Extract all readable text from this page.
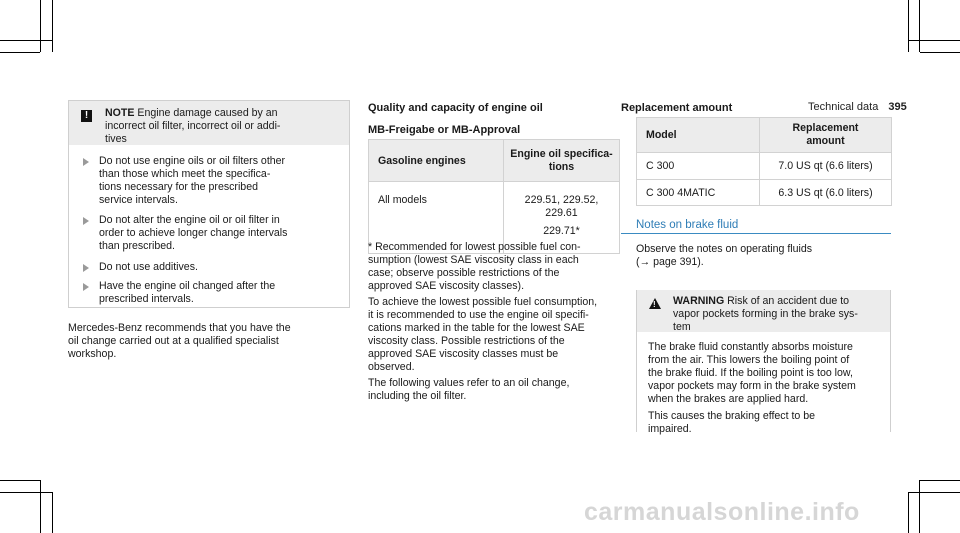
Technical data 395
!	NOTE Engine damage caused by an
incorrect oil filter, incorrect oil or addi-
tives

Do not use engine oils or oil filters other

than those which meet the specifica-

tions necessary for the prescribed

service intervals.

Do not alter the engine oil or oil filter in

order to achieve longer change intervals

than prescribed.

Do not use additives.

Have the engine oil changed after the

prescribed intervals.

Mercedes-Benz recommends that you have the

oil change carried out at a qualified specialist

workshop.

Quality and capacity of engine oil
MB-Freigabe or MB-Approval
Gasoline engines	Engine oil specifica-
tions

All models	229.51, 229.52,
229.61
229.71*

* Recommended for lowest possible fuel con-

sumption (lowest SAE viscosity class in each

case; observe possible restrictions of the

approved SAE viscosity classes).

To achieve the lowest possible fuel consumption,

it is recommended to use the engine oil specifi-

cations marked in the table for the lowest SAE

viscosity class. Possible restrictions of the

approved SAE viscosity classes must be

observed.

The following values refer to an oil change,

including the oil filter.

Replacement amount
Model	Replacement
amount

C 300	7.0 US qt (6.6 liters)
C 300 4MATIC	6.3 US qt (6.0 liters)
Notes on brake fluid

Observe the notes on operating fluids

(→ page 391).

! WARNING Risk of an accident due to
vapor pockets forming in the brake sys-
tem

The brake fluid constantly absorbs moisture

from the air. This lowers the boiling point of

the brake fluid. If the boiling point is too low,

vapor pockets may form in the brake system

when the brakes are applied hard.

This causes the braking effect to be

impaired.

carmanualsonline.info
